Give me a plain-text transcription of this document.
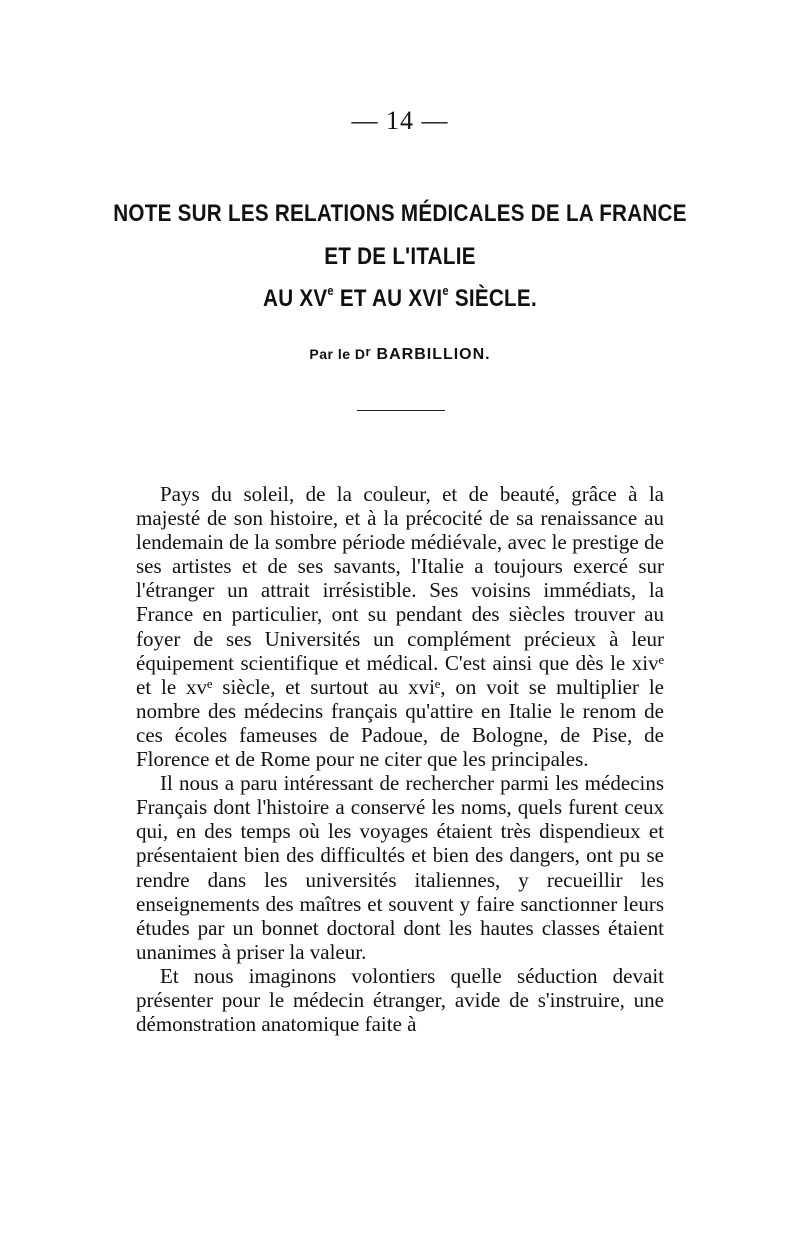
— 14 —
NOTE SUR LES RELATIONS MÉDICALES DE LA FRANCE
ET DE L'ITALIE
AU XVe ET AU XVIe SIÈCLE.
Par le $D^r$ BARBILLION.

Pays du soleil, de la couleur, et de beauté, grâce à la majesté de son histoire, et à la précocité de sa renaissance au lendemain de la sombre période médiévale, avec le prestige de ses artistes et de ses savants, l'Italie a toujours exercé sur l'étranger un attrait irrésistible. Ses voisins immédiats, la France en particulier, ont su pendant des siècles trouver au foyer de ses Universités un complément précieux à leur équipement scientifique et médical. C'est ainsi que dès le xivᵉ et le xvᵉ siècle, et surtout au xviᵉ, on voit se multiplier le nombre des médecins français qu'attire en Italie le renom de ces écoles fameuses de Padoue, de Bologne, de Pise, de Florence et de Rome pour ne citer que les principales.

Il nous a paru intéressant de rechercher parmi les médecins Français dont l'histoire a conservé les noms, quels furent ceux qui, en des temps où les voyages étaient très dispendieux et présentaient bien des difficultés et bien des dangers, ont pu se rendre dans les universités italiennes, y recueillir les enseignements des maîtres et souvent y faire sanctionner leurs études par un bonnet doctoral dont les hautes classes étaient unanimes à priser la valeur.

Et nous imaginons volontiers quelle séduction devait présenter pour le médecin étranger, avide de s'instruire, une démonstration anatomique faite à
